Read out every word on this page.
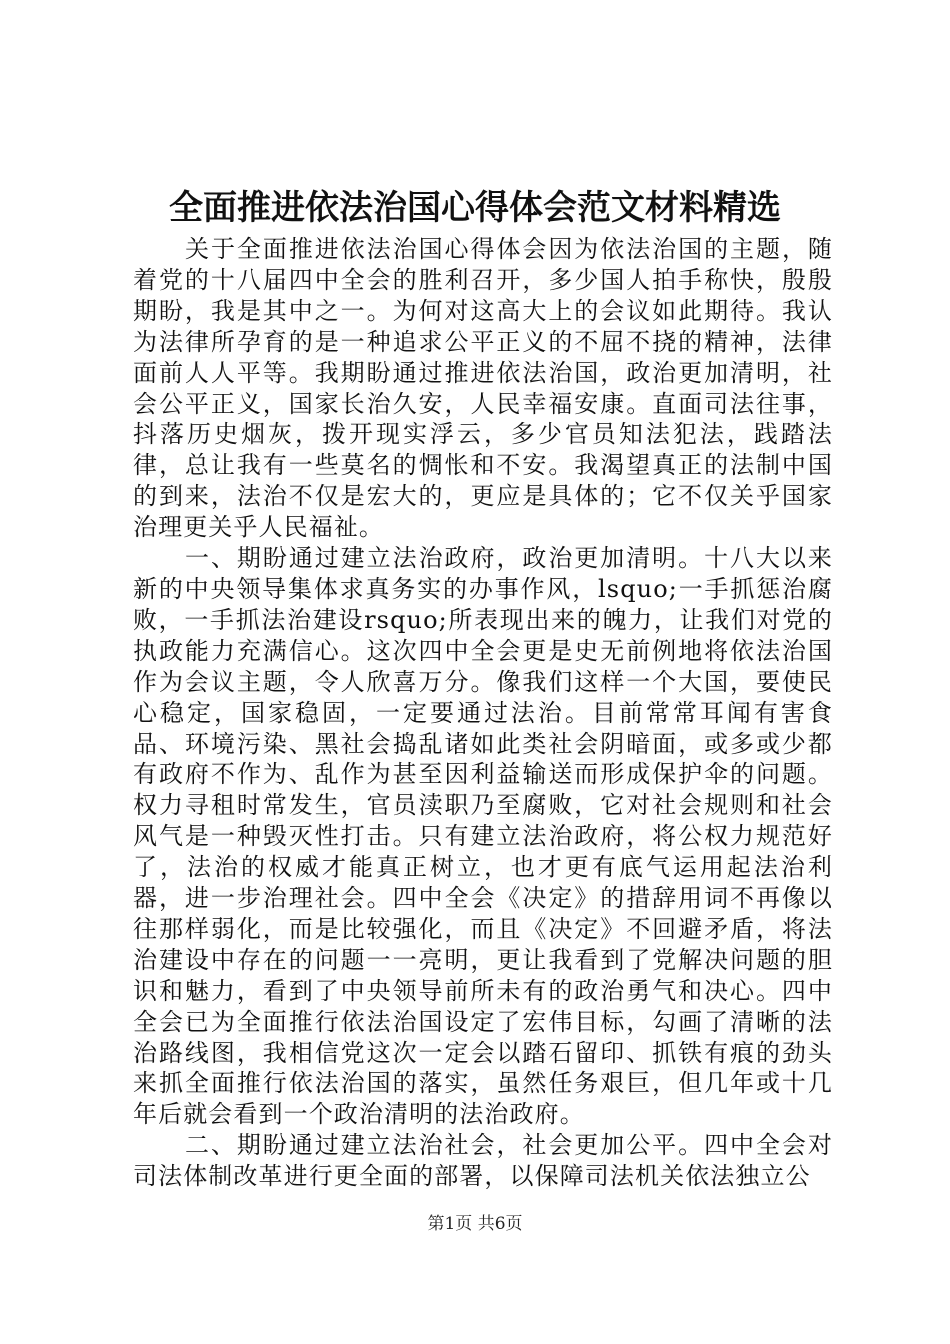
全面推进依法治国心得体会范文材料精选

关于全面推进依法治国心得体会因为依法治国的主题，随着党的十八届四中全会的胜利召开，多少国人拍手称快，殷殷期盼，我是其中之一。为何对这高大上的会议如此期待。我认为法律所孕育的是一种追求公平正义的不屈不挠的精神，法律面前人人平等。我期盼通过推进依法治国，政治更加清明，社会公平正义，国家长治久安，人民幸福安康。直面司法往事，抖落历史烟灰，拨开现实浮云，多少官员知法犯法，践踏法律，总让我有一些莫名的惆怅和不安。我渴望真正的法制中国的到来，法治不仅是宏大的，更应是具体的；它不仅关乎国家治理更关乎人民福祉。

一、期盼通过建立法治政府，政治更加清明。十八大以来新的中央领导集体求真务实的办事作风，lsquo;一手抓惩治腐败，一手抓法治建设rsquo;所表现出来的魄力，让我们对党的执政能力充满信心。这次四中全会更是史无前例地将依法治国作为会议主题，令人欣喜万分。像我们这样一个大国，要使民心稳定，国家稳固，一定要通过法治。目前常常耳闻有害食品、环境污染、黑社会捣乱诸如此类社会阴暗面，或多或少都有政府不作为、乱作为甚至因利益输送而形成保护伞的问题。权力寻租时常发生，官员渎职乃至腐败，它对社会规则和社会风气是一种毁灭性打击。只有建立法治政府，将公权力规范好了，法治的权威才能真正树立，也才更有底气运用起法治利器，进一步治理社会。四中全会《决定》的措辞用词不再像以往那样弱化，而是比较强化，而且《决定》不回避矛盾，将法治建设中存在的问题一一亮明，更让我看到了党解决问题的胆识和魅力，看到了中央领导前所未有的政治勇气和决心。四中全会已为全面推行依法治国设定了宏伟目标，勾画了清晰的法治路线图，我相信党这次一定会以踏石留印、抓铁有痕的劲头来抓全面推行依法治国的落实，虽然任务艰巨，但几年或十几年后就会看到一个政治清明的法治政府。

二、期盼通过建立法治社会，社会更加公平。四中全会对司法体制改革进行更全面的部署，以保障司法机关依法独立公

第1页 共6页
